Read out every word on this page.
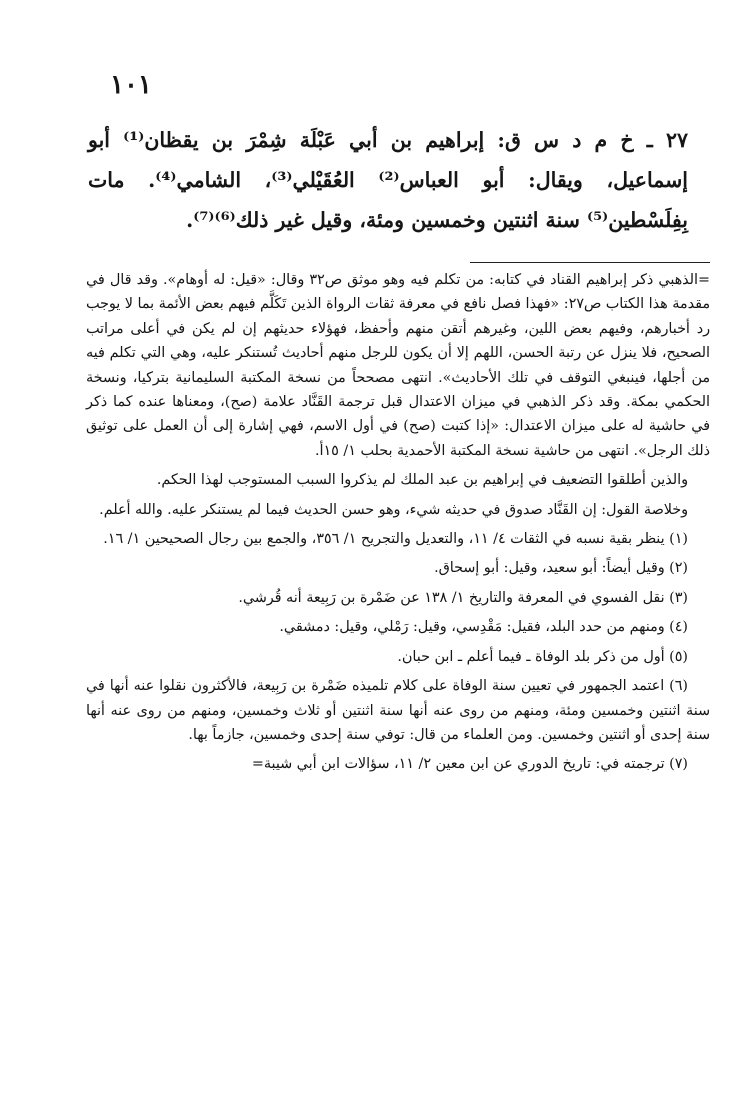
١٠١

٢٧ ـ خ م د س ق: إبراهيم بن أبي عَبْلَة شِمْرَ بن يقظان⁽¹⁾ أبو إسماعيل، ويقال: أبو العباس⁽²⁾ العُقَيْلي⁽³⁾، الشامي⁽⁴⁾. مات بِفِلَسْطين⁽⁵⁾ سنة اثنتين وخمسين ومئة، وقيل غير ذلك⁽⁶⁾⁽⁷⁾.

=الذهبي ذكر إبراهيم القناد في كتابه: من تكلم فيه وهو موثق ص٣٢ وقال: «قيل: له أوهام». وقد قال في مقدمة هذا الكتاب ص٢٧: «فهذا فصل نافع في معرفة ثقات الرواة الذين تَكَلَّم فيهم بعض الأئمة بما لا يوجب رد أخبارهم، وفيهم بعض اللين، وغيرهم أتقن منهم وأحفظ، فهؤلاء حديثهم إن لم يكن في أعلى مراتب الصحيح، فلا ينزل عن رتبة الحسن، اللهم إلا أن يكون للرجل منهم أحاديث تُستنكر عليه، وهي التي تكلم فيه من أجلها، فينبغي التوقف في تلك الأحاديث». انتهى مصححاً من نسخة المكتبة السليمانية بتركيا، ونسخة الحكمي بمكة. وقد ذكر الذهبي في ميزان الاعتدال قبل ترجمة القَنَّاد علامة (صح)، ومعناها عنده كما ذكر في حاشية له على ميزان الاعتدال: «إذا كتبت (صح) في أول الاسم، فهي إشارة إلى أن العمل على توثيق ذلك الرجل». انتهى من حاشية نسخة المكتبة الأحمدية بحلب ١/ ١٥أ.

والذين أطلقوا التضعيف في إبراهيم بن عبد الملك لم يذكروا السبب المستوجب لهذا الحكم.

وخلاصة القول: إن القَنَّاد صدوق في حديثه شيء، وهو حسن الحديث فيما لم يستنكر عليه. والله أعلم.

(١) ينظر بقية نسبه في الثقات ٤/ ١١، والتعديل والتجريح ١/ ٣٥٦، والجمع بين رجال الصحيحين ١/ ١٦.

(٢) وقيل أيضاً: أبو سعيد، وقيل: أبو إسحاق.

(٣) نقل الفسوي في المعرفة والتاريخ ١/ ١٣٨ عن ضَمْرة بن رَبِيعة أنه قُرشي.

(٤) ومنهم من حدد البلد، فقيل: مَقْدِسي، وقيل: رَمْلي، وقيل: دمشقي.

(٥) أول من ذكر بلد الوفاة ـ فيما أعلم ـ ابن حبان.

(٦) اعتمد الجمهور في تعيين سنة الوفاة على كلام تلميذه ضَمْرة بن رَبِيعة، فالأكثرون نقلوا عنه أنها في سنة اثنتين وخمسين ومئة، ومنهم من روى عنه أنها سنة اثنتين أو ثلاث وخمسين، ومنهم من روى عنه أنها سنة إحدى أو اثنتين وخمسين. ومن العلماء من قال: توفي سنة إحدى وخمسين، جازماً بها.

(٧) ترجمته في: تاريخ الدوري عن ابن معين ٢/ ١١، سؤالات ابن أبي شيبة=
